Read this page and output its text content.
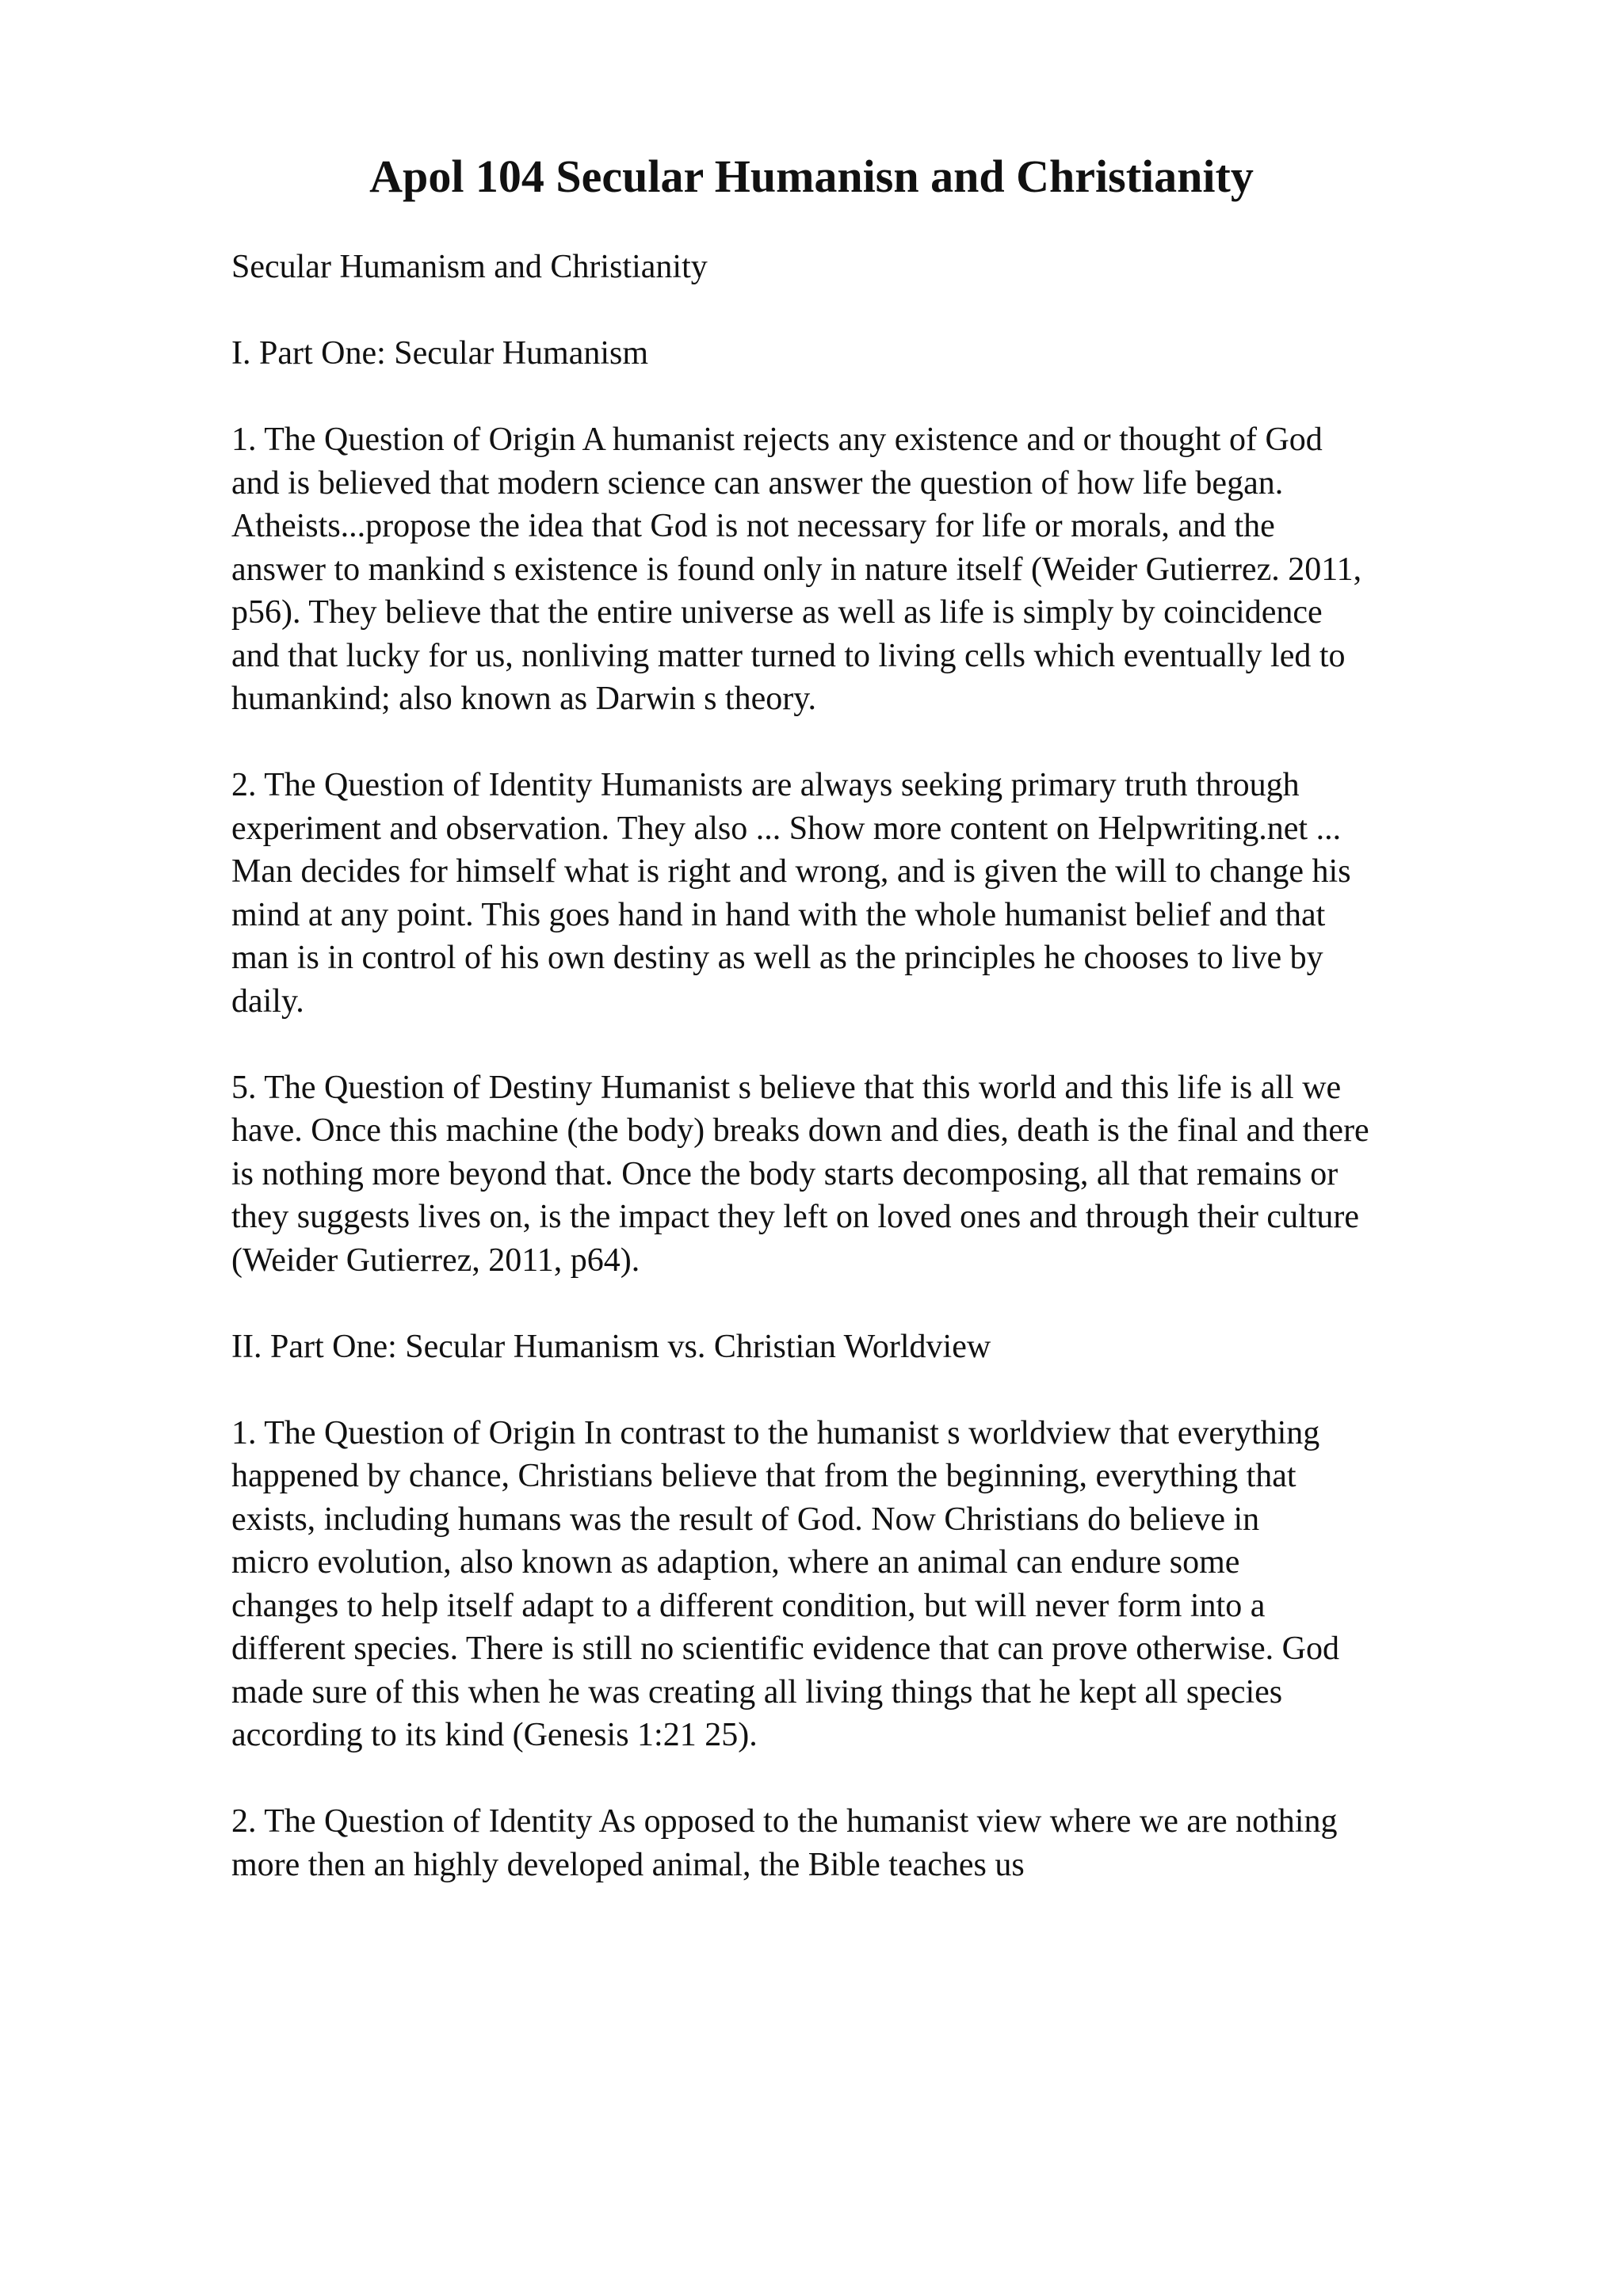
Apol 104 Secular Humanisn and Christianity

Secular Humanism and Christianity

I. Part One: Secular Humanism

1. The Question of Origin A humanist rejects any existence and or thought of God
and is believed that modern science can answer the question of how life began.
Atheists...propose the idea that God is not necessary for life or morals, and the
answer to mankind s existence is found only in nature itself (Weider Gutierrez. 2011,
p56). They believe that the entire universe as well as life is simply by coincidence
and that lucky for us, nonliving matter turned to living cells which eventually led to
humankind; also known as Darwin s theory.

2. The Question of Identity Humanists are always seeking primary truth through
experiment and observation. They also ... Show more content on Helpwriting.net ...
Man decides for himself what is right and wrong, and is given the will to change his
mind at any point. This goes hand in hand with the whole humanist belief and that
man is in control of his own destiny as well as the principles he chooses to live by
daily.

5. The Question of Destiny Humanist s believe that this world and this life is all we
have. Once this machine (the body) breaks down and dies, death is the final and there
is nothing more beyond that. Once the body starts decomposing, all that remains or
they suggests lives on, is the impact they left on loved ones and through their culture
(Weider Gutierrez, 2011, p64).

II. Part One: Secular Humanism vs. Christian Worldview

1. The Question of Origin In contrast to the humanist s worldview that everything
happened by chance, Christians believe that from the beginning, everything that
exists, including humans was the result of God. Now Christians do believe in
micro evolution, also known as adaption, where an animal can endure some
changes to help itself adapt to a different condition, but will never form into a
different species. There is still no scientific evidence that can prove otherwise. God
made sure of this when he was creating all living things that he kept all species
according to its kind (Genesis 1:21 25).

2. The Question of Identity As opposed to the humanist view where we are nothing
more then an highly developed animal, the Bible teaches us
